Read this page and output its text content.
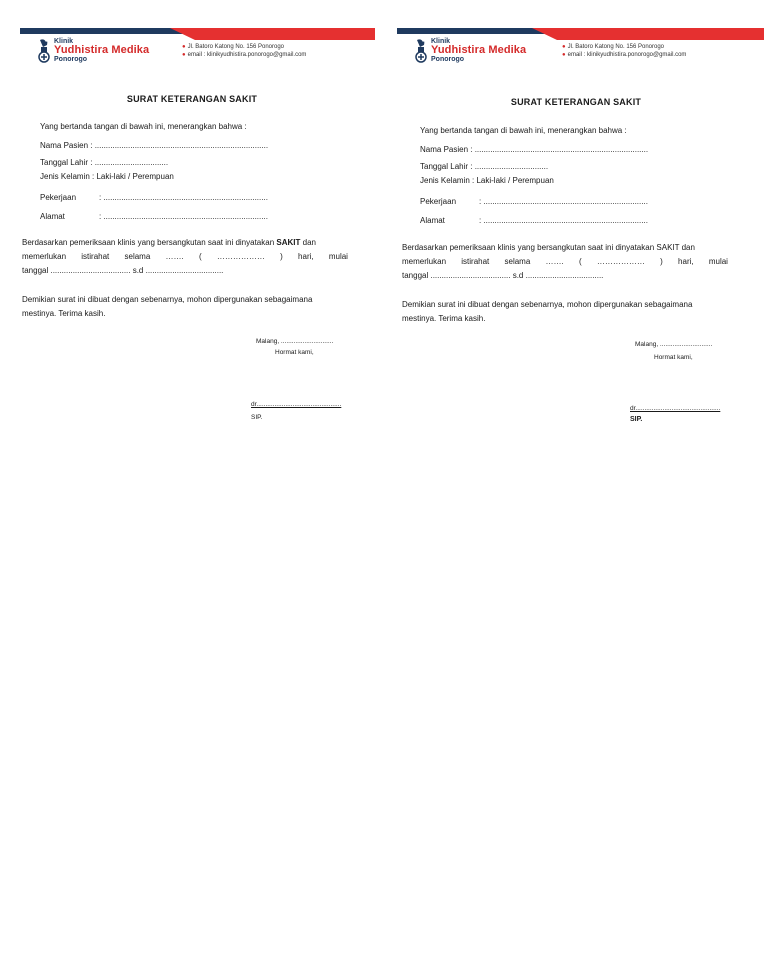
Klinik
Yudhistira Medika
Ponorogo
● Jl. Batoro Katong No. 156 Ponorogo
● email : klinikyudhistira.ponorogo@gmail.com
SURAT KETERANGAN SAKIT
Yang bertanda tangan di bawah ini, menerangkan bahwa :
Nama Pasien : ..............................................................................
Tanggal Lahir : .................................
Jenis Kelamin : Laki-laki / Perempuan
Pekerjaan	: ..........................................................................
Alamat	: ..........................................................................
Berdasarkan pemeriksaan klinis yang bersangkutan saat ini dinyatakan SAKIT dan
memerlukan istirahat selama ……. ( ……………… ) hari, mulai
tanggal .................................... s.d ...................................
Demikian surat ini dibuat dengan sebenarnya, mohon dipergunakan sebagaimana
mestinya. Terima kasih.
Malang, .............................
Hormat kami,
dr...............................................
SIP.
Klinik
Yudhistira Medika
Ponorogo
● Jl. Batoro Katong No. 156 Ponorogo
● email : klinikyudhistira.ponorogo@gmail.com
SURAT KETERANGAN SAKIT
Yang bertanda tangan di bawah ini, menerangkan bahwa :
Nama Pasien : ..............................................................................
Tanggal Lahir : .................................
Jenis Kelamin : Laki-laki / Perempuan
Pekerjaan	: ..........................................................................
Alamat	: ..........................................................................
Berdasarkan pemeriksaan klinis yang bersangkutan saat ini dinyatakan SAKIT dan
memerlukan istirahat selama ……. ( ……………… ) hari, mulai
tanggal .................................... s.d ...................................
Demikian surat ini dibuat dengan sebenarnya, mohon dipergunakan sebagaimana
mestinya. Terima kasih.
Malang, .............................
Hormat kami,
dr...............................................
SIP.
